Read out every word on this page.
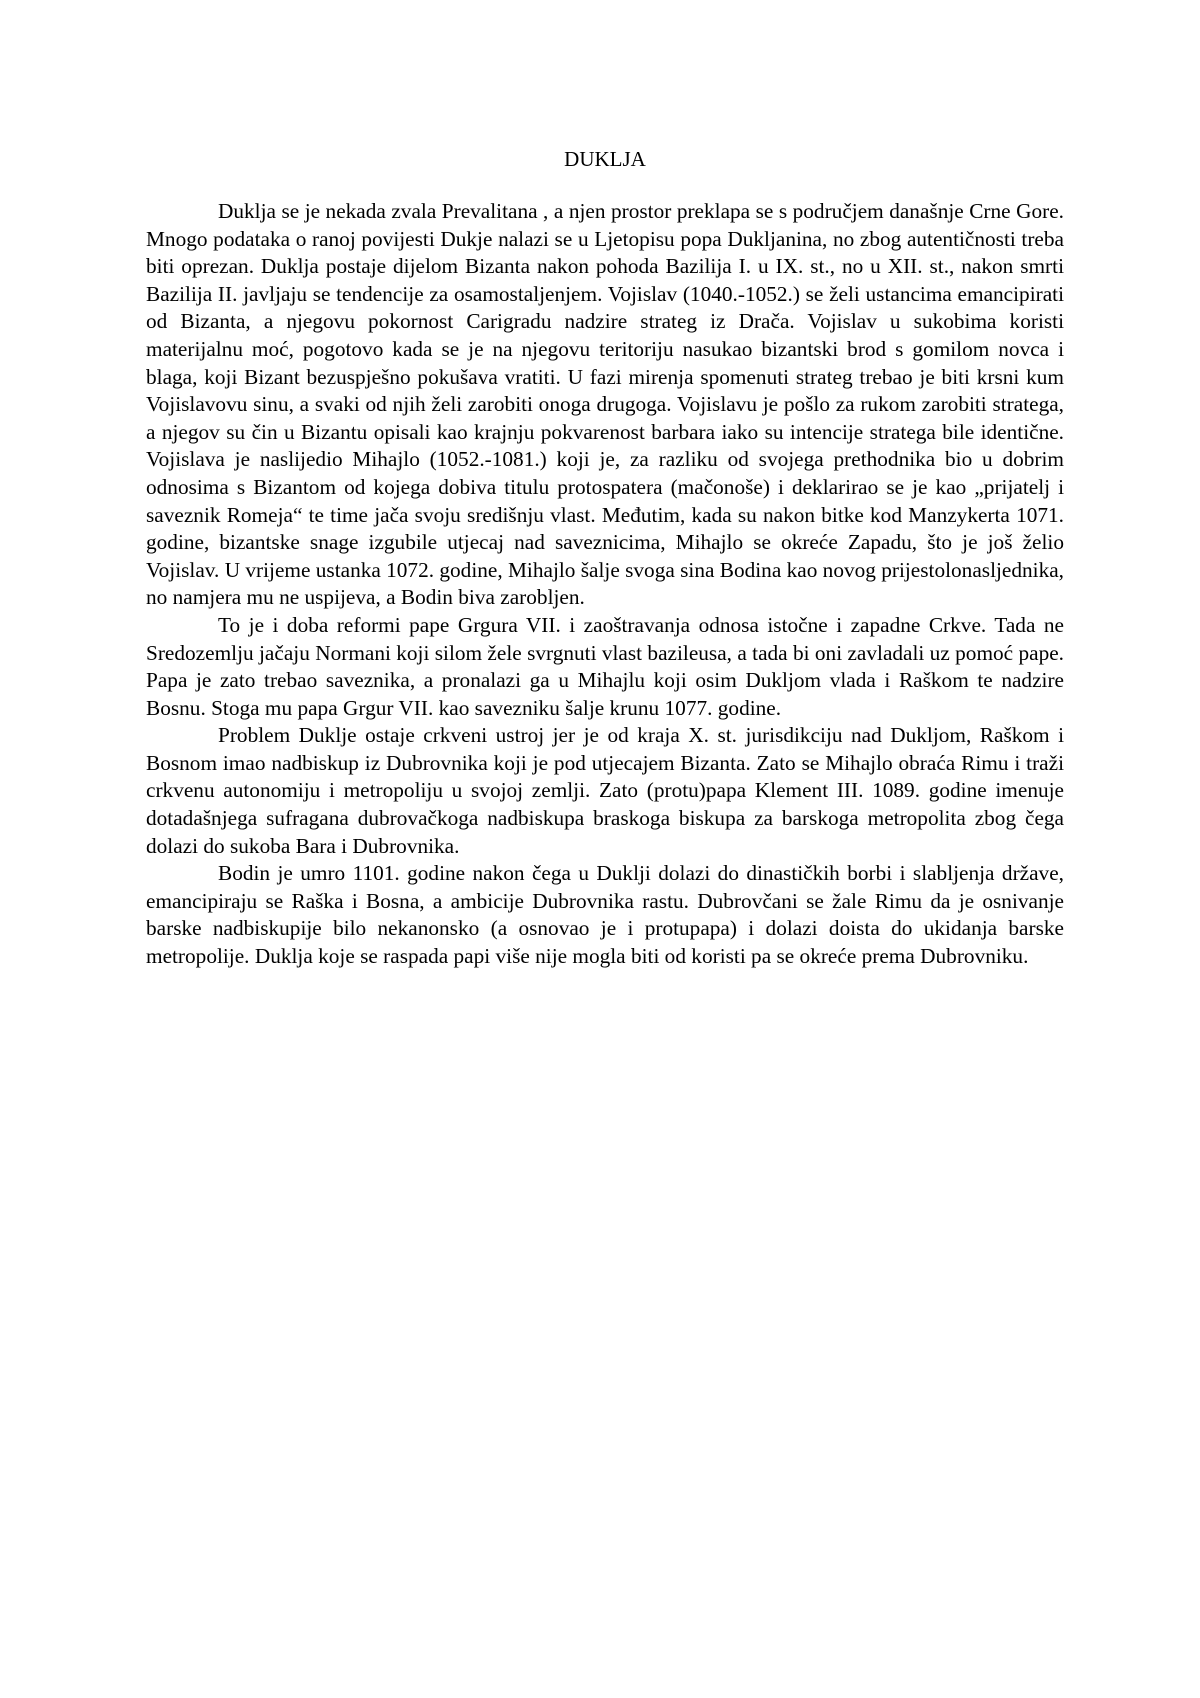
DUKLJA

Duklja se je nekada zvala Prevalitana , a njen prostor preklapa se s područjem današnje Crne Gore. Mnogo podataka o ranoj povijesti Dukje nalazi se u Ljetopisu popa Dukljanina, no zbog autentičnosti treba biti oprezan. Duklja postaje dijelom Bizanta nakon pohoda Bazilija I. u IX. st., no u XII. st., nakon smrti Bazilija II. javljaju se tendencije za osamostaljenjem. Vojislav (1040.-1052.) se želi ustancima emancipirati od Bizanta, a njegovu pokornost Carigradu nadzire strateg iz Drača. Vojislav u sukobima koristi materijalnu moć, pogotovo kada se je na njegovu teritoriju nasukao bizantski brod s gomilom novca i blaga, koji Bizant bezuspješno pokušava vratiti. U fazi mirenja spomenuti strateg trebao je biti krsni kum Vojislavovu sinu, a svaki od njih želi zarobiti onoga drugoga. Vojislavu je pošlo za rukom zarobiti stratega, a njegov su čin u Bizantu opisali kao krajnju pokvarenost barbara iako su intencije stratega bile identične. Vojislava je naslijedio Mihajlo (1052.-1081.) koji je, za razliku od svojega prethodnika bio u dobrim odnosima s Bizantom od kojega dobiva titulu protospatera (mačonoše) i deklarirao se je kao „prijatelj i saveznik Romeja“ te time jača svoju središnju vlast. Međutim, kada su nakon bitke kod Manzykerta 1071. godine, bizantske snage izgubile utjecaj nad saveznicima, Mihajlo se okreće Zapadu, što je još želio Vojislav. U vrijeme ustanka 1072. godine, Mihajlo šalje svoga sina Bodina kao novog prijestolonasljednika, no namjera mu ne uspijeva, a Bodin biva zarobljen.

To je i doba reformi pape Grgura VII. i zaoštravanja odnosa istočne i zapadne Crkve. Tada ne Sredozemlju jačaju Normani koji silom žele svrgnuti vlast bazileusa, a tada bi oni zavladali uz pomoć pape. Papa je zato trebao saveznika, a pronalazi ga u Mihajlu koji osim Dukljom vlada i Raškom te nadzire Bosnu. Stoga mu papa Grgur VII. kao savezniku šalje krunu 1077. godine.

Problem Duklje ostaje crkveni ustroj jer je od kraja X. st. jurisdikciju nad Dukljom, Raškom i Bosnom imao nadbiskup iz Dubrovnika koji je pod utjecajem Bizanta. Zato se Mihajlo obraća Rimu i traži crkvenu autonomiju i metropoliju u svojoj zemlji. Zato (protu)papa Klement III. 1089. godine imenuje dotadašnjega sufragana dubrovačkoga nadbiskupa braskoga biskupa za barskoga metropolita zbog čega dolazi do sukoba Bara i Dubrovnika.

Bodin je umro 1101. godine nakon čega u Duklji dolazi do dinastičkih borbi i slabljenja države, emancipiraju se Raška i Bosna, a ambicije Dubrovnika rastu. Dubrovčani se žale Rimu da je osnivanje barske nadbiskupije bilo nekanonsko (a osnovao je i protupapa) i dolazi doista do ukidanja barske metropolije. Duklja koje se raspada papi više nije mogla biti od koristi pa se okreće prema Dubrovniku.
